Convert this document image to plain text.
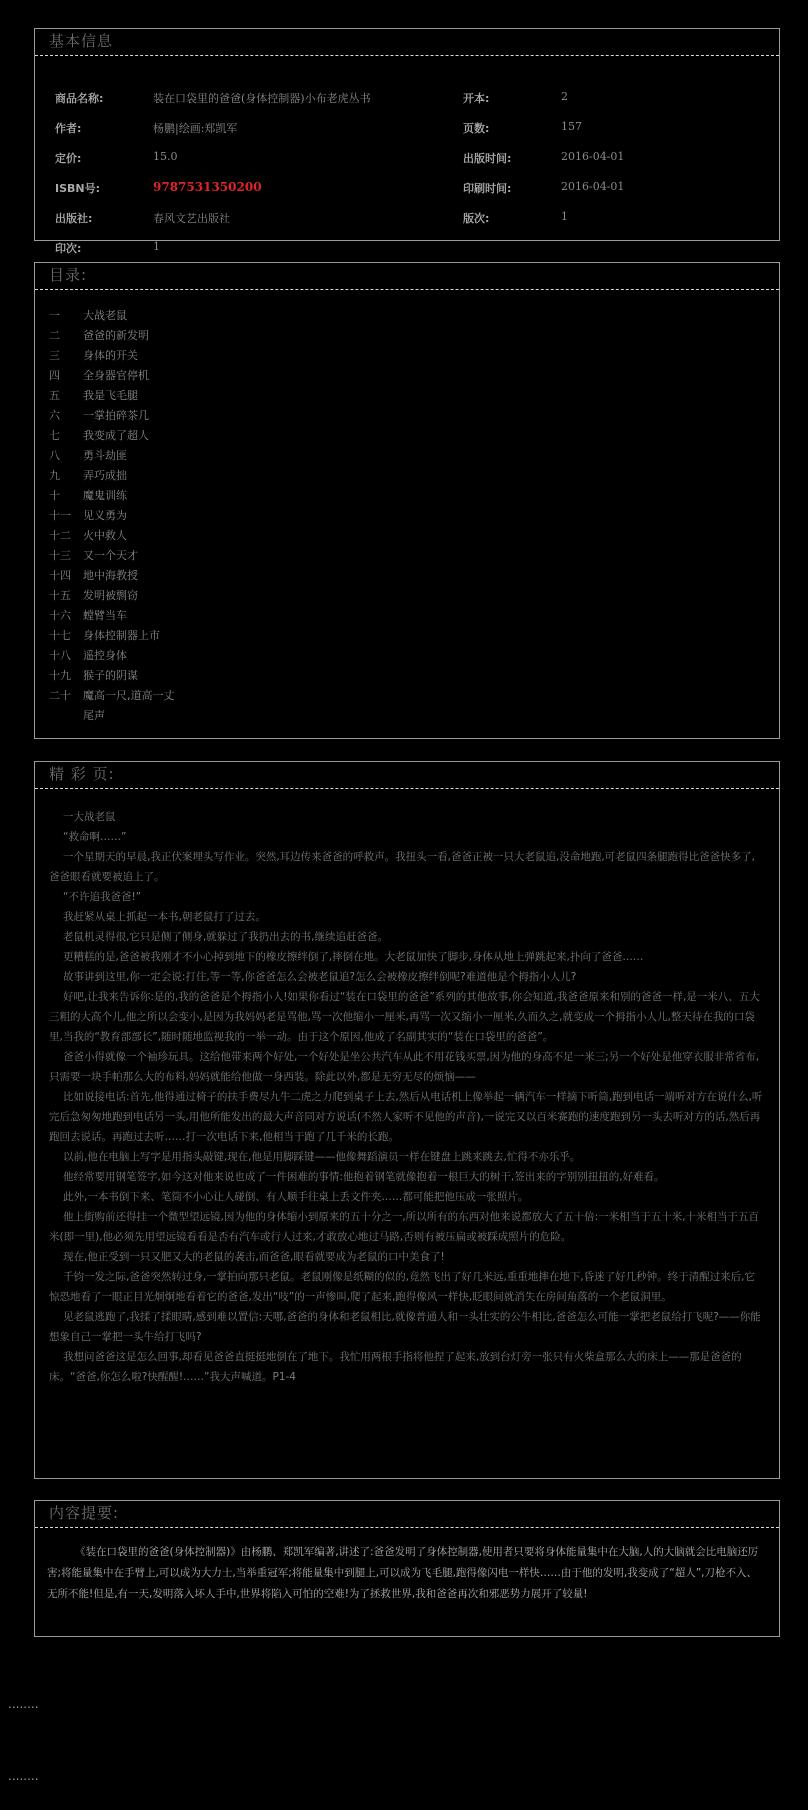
基本信息
商品名称:	装在口袋里的爸爸(身体控制器)小布老虎丛书	开本:	2
作者:	杨鹏|绘画:郑凯军	页数:	157
定价:	15.0	出版时间:	2016-04-01
ISBN号:	9787531350200	印刷时间:	2016-04-01
出版社:	春风文艺出版社	版次:	1
印次:	1
目录:
一 大战老鼠
二 爸爸的新发明
三 身体的开关
四 全身器官停机
五 我是飞毛腿
六 一掌拍碎茶几
七 我变成了超人
八 勇斗劫匪
九 弄巧成拙
十 魔鬼训练
十一 见义勇为
十二 火中救人
十三 又一个天才
十四 地中海教授
十五 发明被剽窃
十六 螳臂当车
十七 身体控制器上市
十八 遥控身体
十九 猴子的阴谋
二十 魔高一尺,道高一丈
尾声
精 彩 页:

一大战老鼠

“救命啊……”

一个星期天的早晨,我正伏案埋头写作业。突然,耳边传来爸爸的呼救声。我扭头一看,爸爸正被一只大老鼠追,没命地跑,可老鼠四条腿跑得比爸爸快多了,爸爸眼看就要被追上了。

“不许追我爸爸!”

我赶紧从桌上抓起一本书,朝老鼠打了过去。

老鼠机灵得很,它只是侧了侧身,就躲过了我扔出去的书,继续追赶爸爸。

更糟糕的是,爸爸被我刚才不小心掉到地下的橡皮擦绊倒了,摔倒在地。大老鼠加快了脚步,身体从地上弹跳起来,扑向了爸爸……

故事讲到这里,你一定会说:打住,等一等,你爸爸怎么会被老鼠追?怎么会被橡皮擦绊倒呢?难道他是个拇指小人儿?

好吧,让我来告诉你:是的,我的爸爸是个拇指小人!如果你看过“装在口袋里的爸爸”系列的其他故事,你会知道,我爸爸原来和别的爸爸一样,是一米八、五大三粗的大高个儿,他之所以会变小,是因为我妈妈老是骂他,骂一次他缩小一厘米,再骂一次又缩小一厘米,久而久之,就变成一个拇指小人儿,整天待在我的口袋里,当我的“教育部部长”,随时随地监视我的一举一动。由于这个原因,他成了名副其实的“装在口袋里的爸爸”。

爸爸小得就像一个袖珍玩具。这给他带来两个好处,一个好处是坐公共汽车从此不用花钱买票,因为他的身高不足一米三;另一个好处是他穿衣服非常省布,只需要一块手帕那么大的布料,妈妈就能给他做一身西装。除此以外,都是无穷无尽的烦恼——

比如说接电话:首先,他得通过椅子的扶手费尽九牛二虎之力爬到桌子上去,然后从电话机上像举起一辆汽车一样摘下听筒,跑到电话一端听对方在说什么,听完后急匆匆地跑到电话另一头,用他所能发出的最大声音同对方说话(不然人家听不见他的声音),一说完又以百米赛跑的速度跑到另一头去听对方的话,然后再跑回去说话。再跑过去听……打一次电话下来,他相当于跑了几千米的长跑。

以前,他在电脑上写字是用指头敲键,现在,他是用脚踩键——他像舞蹈演员一样在键盘上跳来跳去,忙得不亦乐乎。

他经常要用钢笔签字,如今这对他来说也成了一件困难的事情:他抱着钢笔就像抱着一根巨大的树干,签出来的字别别扭扭的,好难看。

此外,一本书倒下来、笔筒不小心让人碰倒、有人顺手往桌上丢文件夹……都可能把他压成一张照片。

他上街购前还得挂一个微型望远镜,因为他的身体缩小到原来的五十分之一,所以所有的东西对他来说都放大了五十倍:一米相当于五十米,十米相当于五百米(即一里),他必须先用望远镜看看是否有汽车或行人过来,才敢放心地过马路,否则有被压扁或被踩成照片的危险。

现在,他正受到一只又肥又大的老鼠的袭击,而爸爸,眼看就要成为老鼠的口中美食了!

千钧一发之际,爸爸突然转过身,一掌拍向那只老鼠。老鼠刚像是纸糊的似的,竟然飞出了好几米远,重重地摔在地下,昏迷了好几秒钟。终于清醒过来后,它惊恐地看了一眼正目光炯炯地看着它的爸爸,发出“吱”的一声惨叫,爬了起来,跑得像风一样快,眨眼间就消失在房间角落的一个老鼠洞里。

见老鼠逃跑了,我揉了揉眼睛,感到难以置信:天哪,爸爸的身体和老鼠相比,就像普通人和一头壮实的公牛相比,爸爸怎么可能一掌把老鼠给打飞呢?——你能想象自己一掌把一头牛给打飞吗?

我想问爸爸这是怎么回事,却看见爸爸直挺挺地倒在了地下。我忙用两根手指将他捏了起来,放到台灯旁一张只有火柴盒那么大的床上——那是爸爸的床。“爸爸,你怎么啦?快醒醒!……”我大声喊道。P1-4

内容提要:

《装在口袋里的爸爸(身体控制器)》由杨鹏、郑凯军编著,讲述了:爸爸发明了身体控制器,使用者只要将身体能量集中在大脑,人的大脑就会比电脑还厉害;将能量集中在手臂上,可以成为大力士,当举重冠军;将能量集中到腿上,可以成为飞毛腿,跑得像闪电一样快……由于他的发明,我变成了“超人”,刀枪不入、无所不能!但是,有一天,发明落入坏人手中,世界将陷入可怕的空难!为了拯救世界,我和爸爸再次和邪恶势力展开了较量!

........
........
